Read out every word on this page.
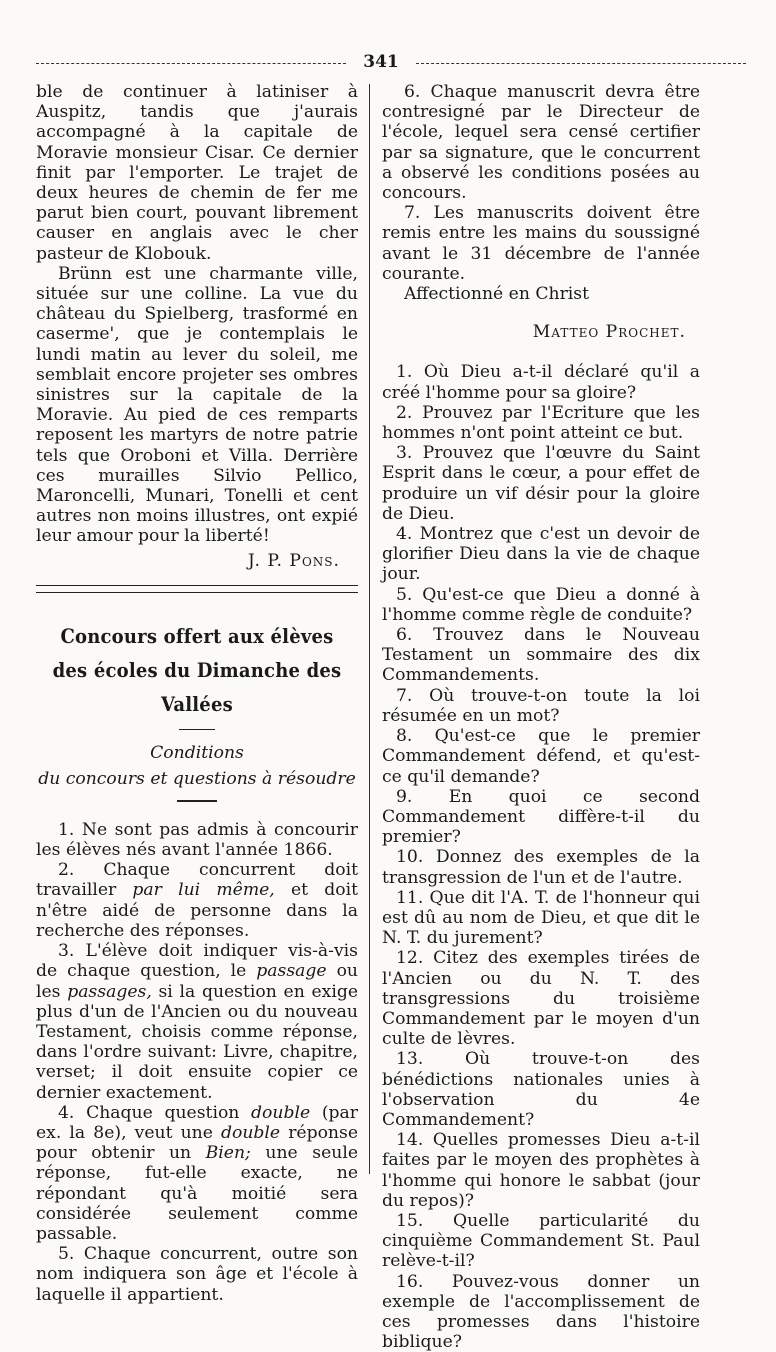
341

ble de continuer à latiniser à Auspitz, tandis que j'aurais accompagné à la capitale de Moravie monsieur Cisar. Ce dernier finit par l'emporter. Le trajet de deux heures de chemin de fer me parut bien court, pouvant librement causer en anglais avec le cher pasteur de Klobouk.

Brünn est une charmante ville, située sur une colline. La vue du château du Spielberg, trasformé en caserme', que je contemplais le lundi matin au lever du soleil, me semblait encore projeter ses ombres sinistres sur la capitale de la Moravie. Au pied de ces remparts reposent les martyrs de notre patrie tels que Oroboni et Villa. Derrière ces murailles Silvio Pellico, Maroncelli, Munari, Tonelli et cent autres non moins illustres, ont expié leur amour pour la liberté!

J. P. Pons.
Concours offert aux élèves
des écoles du Dimanche des Vallées
Conditions
du concours et questions à résoudre

1. Ne sont pas admis à concourir les élèves nés avant l'année 1866.

2. Chaque concurrent doit travailler par lui même, et doit n'être aidé de personne dans la recherche des réponses.

3. L'élève doit indiquer vis-à-vis de chaque question, le passage ou les passages, si la question en exige plus d'un de l'Ancien ou du nouveau Testament, choisis comme réponse, dans l'ordre suivant: Livre, chapitre, verset; il doit ensuite copier ce dernier exactement.

4. Chaque question double (par ex. la 8e), veut une double réponse pour obtenir un Bien; une seule réponse, fut-elle exacte, ne répondant qu'à moitié sera considérée seulement comme passable.

5. Chaque concurrent, outre son nom indiquera son âge et l'école à laquelle il appartient.

6. Chaque manuscrit devra être contresigné par le Directeur de l'école, lequel sera censé certifier par sa signature, que le concurrent a observé les conditions posées au concours.

7. Les manuscrits doivent être remis entre les mains du soussigné avant le 31 décembre de l'année courante.

Affectionné en Christ

Matteo Prochet.

1. Où Dieu a-t-il déclaré qu'il a créé l'homme pour sa gloire?

2. Prouvez par l'Ecriture que les hommes n'ont point atteint ce but.

3. Prouvez que l'œuvre du Saint Esprit dans le cœur, a pour effet de produire un vif désir pour la gloire de Dieu.

4. Montrez que c'est un devoir de glorifier Dieu dans la vie de chaque jour.

5. Qu'est-ce que Dieu a donné à l'homme comme règle de conduite?

6. Trouvez dans le Nouveau Testament un sommaire des dix Commandements.

7. Où trouve-t-on toute la loi résumée en un mot?

8. Qu'est-ce que le premier Commandement défend, et qu'est-ce qu'il demande?

9. En quoi ce second Commandement diffère-t-il du premier?

10. Donnez des exemples de la transgression de l'un et de l'autre.

11. Que dit l'A. T. de l'honneur qui est dû au nom de Dieu, et que dit le N. T. du jurement?

12. Citez des exemples tirées de l'Ancien ou du N. T. des transgressions du troisième Commandement par le moyen d'un culte de lèvres.

13. Où trouve-t-on des bénédictions nationales unies à l'observation du 4e Commandement?

14. Quelles promesses Dieu a-t-il faites par le moyen des prophètes à l'homme qui honore le sabbat (jour du repos)?

15. Quelle particularité du cinquième Commandement St. Paul relève-t-il?

16. Pouvez-vous donner un exemple de l'accomplissement de ces promesses dans l'histoire biblique?
